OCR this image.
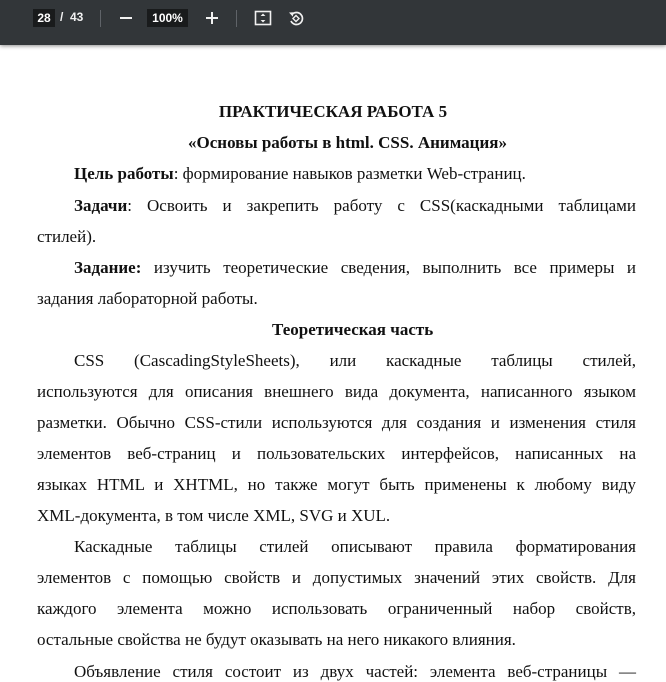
28
/ 43
100%

ПРАКТИЧЕСКАЯ РАБОТА 5

«Основы работы в html. CSS. Анимация»

Цель работы: формирование навыков разметки Web-страниц.

Задачи: Освоить и закрепить работу с CSS(каскадными таблицами

стилей).

Задание: изучить теоретические сведения, выполнить все примеры и

задания лабораторной работы.

Теоретическая часть

CSS (CascadingStyleSheets), или каскадные таблицы стилей,

используются для описания внешнего вида документа, написанного языком

разметки. Обычно CSS-стили используются для создания и изменения стиля

элементов веб-страниц и пользовательских интерфейсов, написанных на

языках HTML и XHTML, но также могут быть применены к любому виду

XML-документа, в том числе XML, SVG и XUL.

Каскадные таблицы стилей описывают правила форматирования

элементов с помощью свойств и допустимых значений этих свойств. Для

каждого элемента можно использовать ограниченный набор свойств,

остальные свойства не будут оказывать на него никакого влияния.

Объявление стиля состоит из двух частей: элемента веб-страницы —
